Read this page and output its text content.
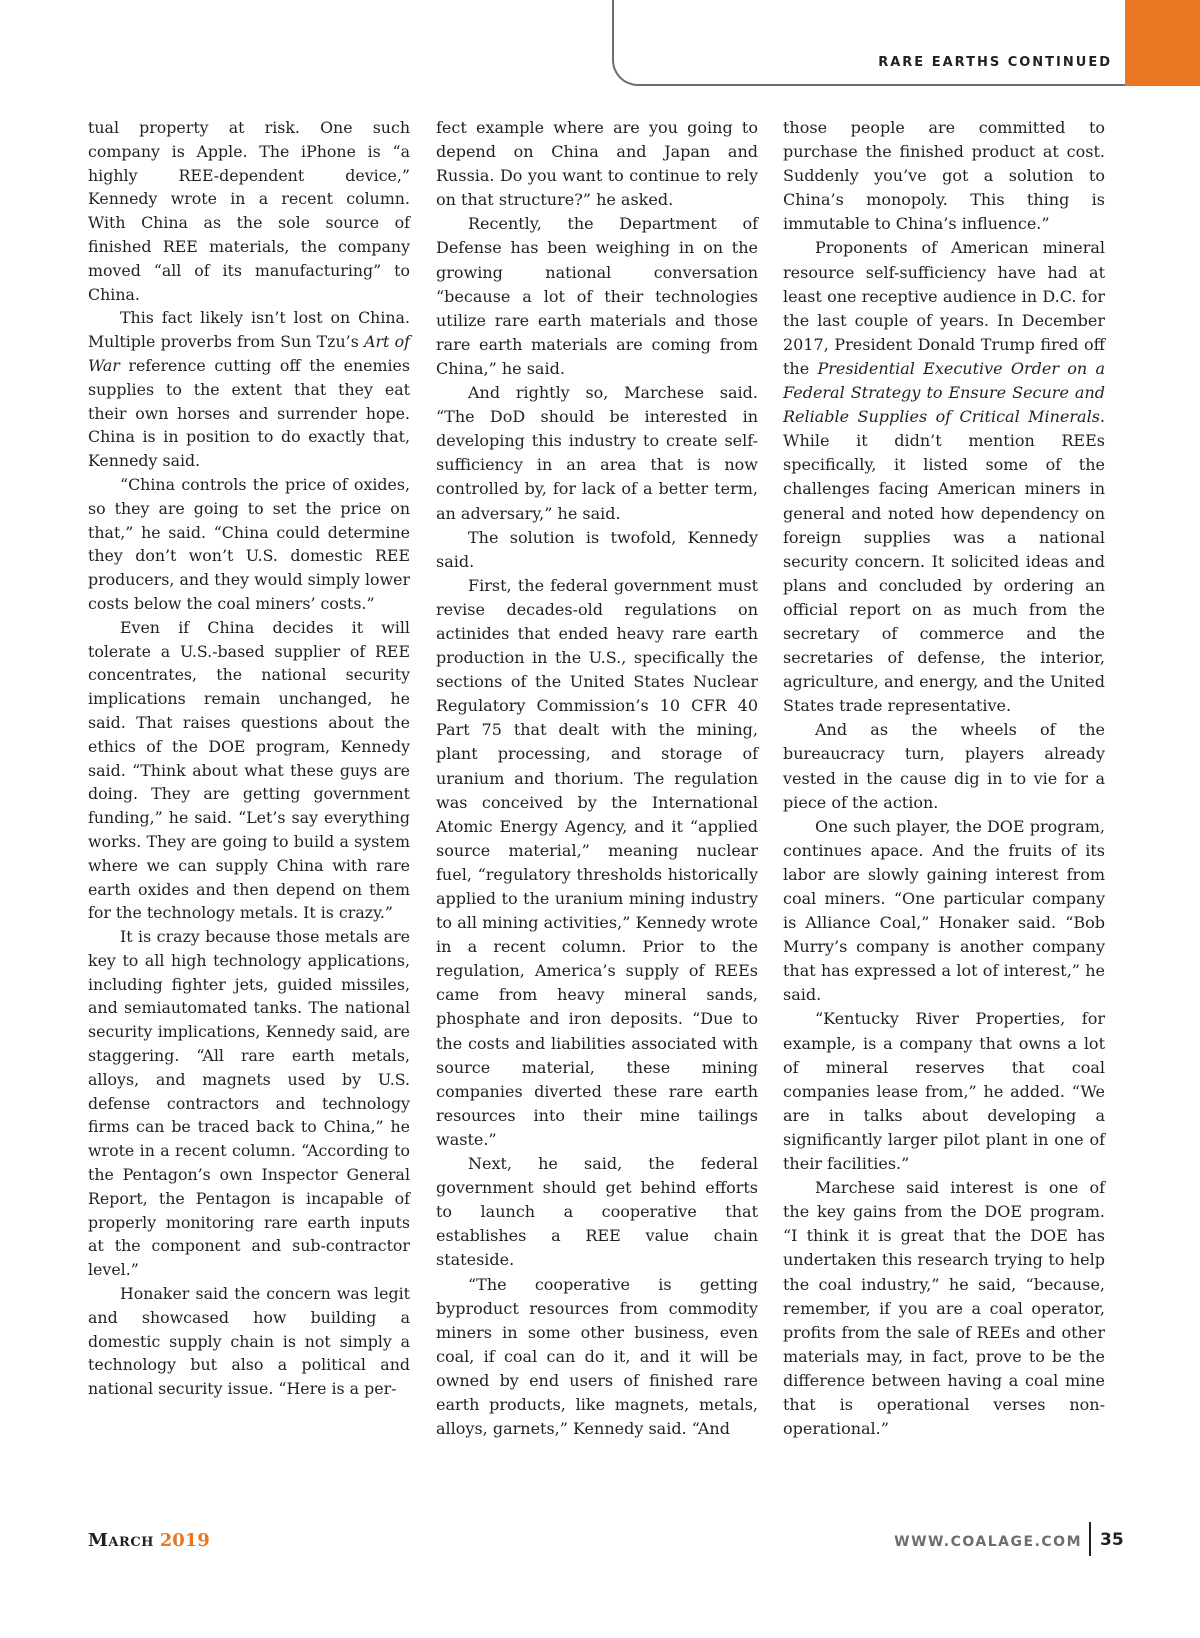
RARE EARTHS CONTINUED

tual property at risk. One such company is Apple. The iPhone is “a highly REE-dependent device,” Kennedy wrote in a recent column. With China as the sole source of finished REE materials, the company moved “all of its manufacturing” to China.

This fact likely isn’t lost on China. Multiple proverbs from Sun Tzu’s Art of War reference cutting off the enemies supplies to the extent that they eat their own horses and surrender hope. China is in position to do exactly that, Kennedy said.

“China controls the price of oxides, so they are going to set the price on that,” he said. “China could determine they don’t won’t U.S. domestic REE producers, and they would simply lower costs below the coal miners’ costs.”

Even if China decides it will tolerate a U.S.-based supplier of REE concentrates, the national security implications remain unchanged, he said. That raises questions about the ethics of the DOE program, Kennedy said. “Think about what these guys are doing. They are getting government funding,” he said. “Let’s say everything works. They are going to build a system where we can supply China with rare earth oxides and then depend on them for the technology metals. It is crazy.”

It is crazy because those metals are key to all high technology applications, including fighter jets, guided missiles, and semiautomated tanks. The national security implications, Kennedy said, are staggering. “All rare earth metals, alloys, and magnets used by U.S. defense contractors and technology firms can be traced back to China,” he wrote in a recent column. “According to the Pentagon’s own Inspector General Report, the Pentagon is incapable of properly monitoring rare earth inputs at the component and sub-contractor level.”

Honaker said the concern was legit and showcased how building a domestic supply chain is not simply a technology but also a political and national security issue. “Here is a per-

fect example where are you going to depend on China and Japan and Russia. Do you want to continue to rely on that structure?” he asked.

Recently, the Department of Defense has been weighing in on the growing national conversation “because a lot of their technologies utilize rare earth materials and those rare earth materials are coming from China,” he said.

And rightly so, Marchese said. “The DoD should be interested in developing this industry to create self-sufficiency in an area that is now controlled by, for lack of a better term, an adversary,” he said.

The solution is twofold, Kennedy said.

First, the federal government must revise decades-old regulations on actinides that ended heavy rare earth production in the U.S., specifically the sections of the United States Nuclear Regulatory Commission’s 10 CFR 40 Part 75 that dealt with the mining, plant processing, and storage of uranium and thorium. The regulation was conceived by the International Atomic Energy Agency, and it “applied source material,” meaning nuclear fuel, “regulatory thresholds historically applied to the uranium mining industry to all mining activities,” Kennedy wrote in a recent column. Prior to the regulation, America’s supply of REEs came from heavy mineral sands, phosphate and iron deposits. “Due to the costs and liabilities associated with source material, these mining companies diverted these rare earth resources into their mine tailings waste.”

Next, he said, the federal government should get behind efforts to launch a cooperative that establishes a REE value chain stateside.

“The cooperative is getting byproduct resources from commodity miners in some other business, even coal, if coal can do it, and it will be owned by end users of finished rare earth products, like magnets, metals, alloys, garnets,” Kennedy said. “And

those people are committed to purchase the finished product at cost. Suddenly you’ve got a solution to China’s monopoly. This thing is immutable to China’s influence.”

Proponents of American mineral resource self-sufficiency have had at least one receptive audience in D.C. for the last couple of years. In December 2017, President Donald Trump fired off the Presidential Executive Order on a Federal Strategy to Ensure Secure and Reliable Supplies of Critical Minerals. While it didn’t mention REEs specifically, it listed some of the challenges facing American miners in general and noted how dependency on foreign supplies was a national security concern. It solicited ideas and plans and concluded by ordering an official report on as much from the secretary of commerce and the secretaries of defense, the interior, agriculture, and energy, and the United States trade representative.

And as the wheels of the bureaucracy turn, players already vested in the cause dig in to vie for a piece of the action.

One such player, the DOE program, continues apace. And the fruits of its labor are slowly gaining interest from coal miners. “One particular company is Alliance Coal,” Honaker said. “Bob Murry’s company is another company that has expressed a lot of interest,” he said.

“Kentucky River Properties, for example, is a company that owns a lot of mineral reserves that coal companies lease from,” he added. “We are in talks about developing a significantly larger pilot plant in one of their facilities.”

Marchese said interest is one of the key gains from the DOE program. “I think it is great that the DOE has undertaken this research trying to help the coal industry,” he said, “because, remember, if you are a coal operator, profits from the sale of REEs and other materials may, in fact, prove to be the difference between having a coal mine that is operational verses non-operational.”

March 2019	WWW.COALAGE.COM 35
